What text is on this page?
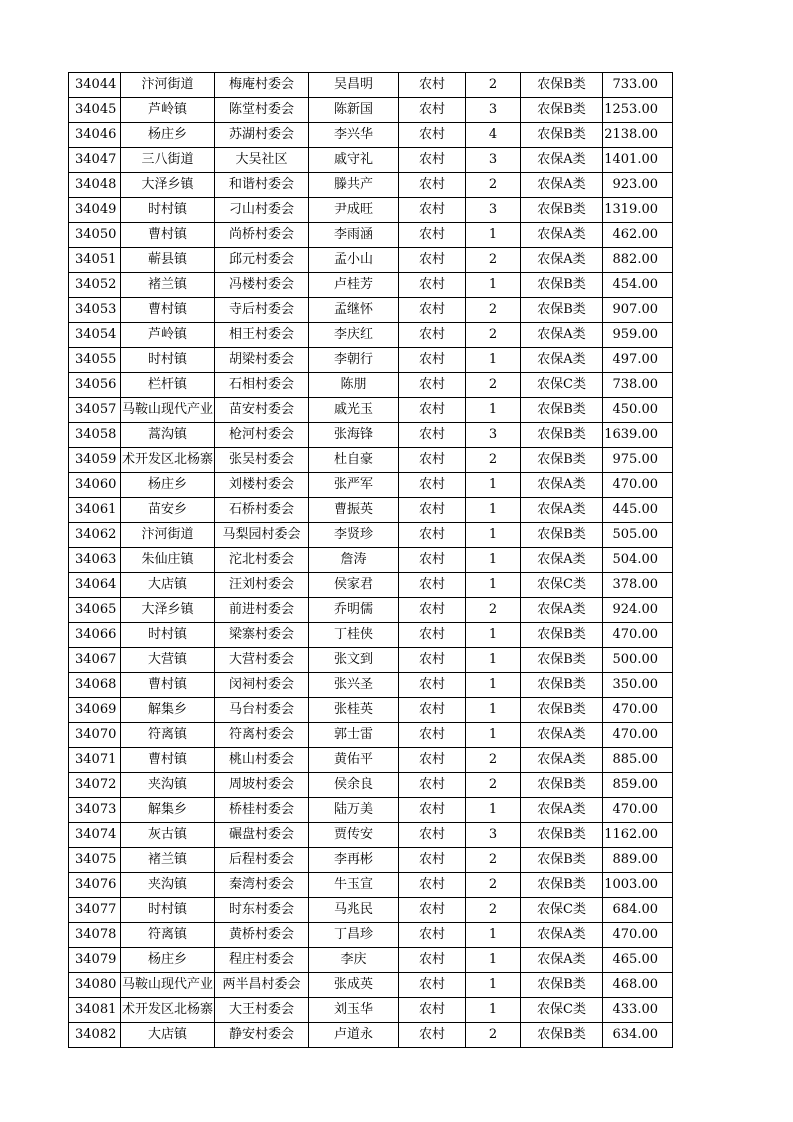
34044	汴河街道	梅庵村委会	吴昌明	农村	2	农保B类	733.00
34045	芦岭镇	陈堂村委会	陈新国	农村	3	农保B类	1253.00
34046	杨庄乡	苏湖村委会	李兴华	农村	4	农保B类	2138.00
34047	三八街道	大吴社区	戚守礼	农村	3	农保A类	1401.00
34048	大泽乡镇	和谐村委会	滕共产	农村	2	农保A类	923.00
34049	时村镇	刁山村委会	尹成旺	农村	3	农保B类	1319.00
34050	曹村镇	尚桥村委会	李雨涵	农村	1	农保A类	462.00
34051	蕲县镇	邱元村委会	孟小山	农村	2	农保A类	882.00
34052	褚兰镇	冯楼村委会	卢桂芳	农村	1	农保B类	454.00
34053	曹村镇	寺后村委会	孟继怀	农村	2	农保B类	907.00
34054	芦岭镇	相王村委会	李庆红	农村	2	农保A类	959.00
34055	时村镇	胡梁村委会	李朝行	农村	1	农保A类	497.00
34056	栏杆镇	石相村委会	陈朋	农村	2	农保C类	738.00
34057	马鞍山现代产业	苗安村委会	戚光玉	农村	1	农保B类	450.00
34058	蒿沟镇	枪河村委会	张海锋	农村	3	农保B类	1639.00
34059	术开发区北杨寨	张吴村委会	杜自豪	农村	2	农保B类	975.00
34060	杨庄乡	刘楼村委会	张严军	农村	1	农保A类	470.00
34061	苗安乡	石桥村委会	曹振英	农村	1	农保A类	445.00
34062	汴河街道	马梨园村委会	李贤珍	农村	1	农保B类	505.00
34063	朱仙庄镇	沱北村委会	詹涛	农村	1	农保A类	504.00
34064	大店镇	汪刘村委会	侯家君	农村	1	农保C类	378.00
34065	大泽乡镇	前进村委会	乔明儒	农村	2	农保A类	924.00
34066	时村镇	梁寨村委会	丁桂侠	农村	1	农保B类	470.00
34067	大营镇	大营村委会	张文到	农村	1	农保B类	500.00
34068	曹村镇	闵祠村委会	张兴圣	农村	1	农保B类	350.00
34069	解集乡	马台村委会	张桂英	农村	1	农保B类	470.00
34070	符离镇	符离村委会	郭士雷	农村	1	农保A类	470.00
34071	曹村镇	桃山村委会	黄佑平	农村	2	农保A类	885.00
34072	夹沟镇	周坡村委会	侯余良	农村	2	农保B类	859.00
34073	解集乡	桥桂村委会	陆万美	农村	1	农保A类	470.00
34074	灰古镇	碾盘村委会	贾传安	农村	3	农保B类	1162.00
34075	褚兰镇	后程村委会	李再彬	农村	2	农保B类	889.00
34076	夹沟镇	秦湾村委会	牛玉宣	农村	2	农保B类	1003.00
34077	时村镇	时东村委会	马兆民	农村	2	农保C类	684.00
34078	符离镇	黄桥村委会	丁昌珍	农村	1	农保A类	470.00
34079	杨庄乡	程庄村委会	李庆	农村	1	农保A类	465.00
34080	马鞍山现代产业	两半昌村委会	张成英	农村	1	农保B类	468.00
34081	术开发区北杨寨	大王村委会	刘玉华	农村	1	农保C类	433.00
34082	大店镇	静安村委会	卢道永	农村	2	农保B类	634.00
